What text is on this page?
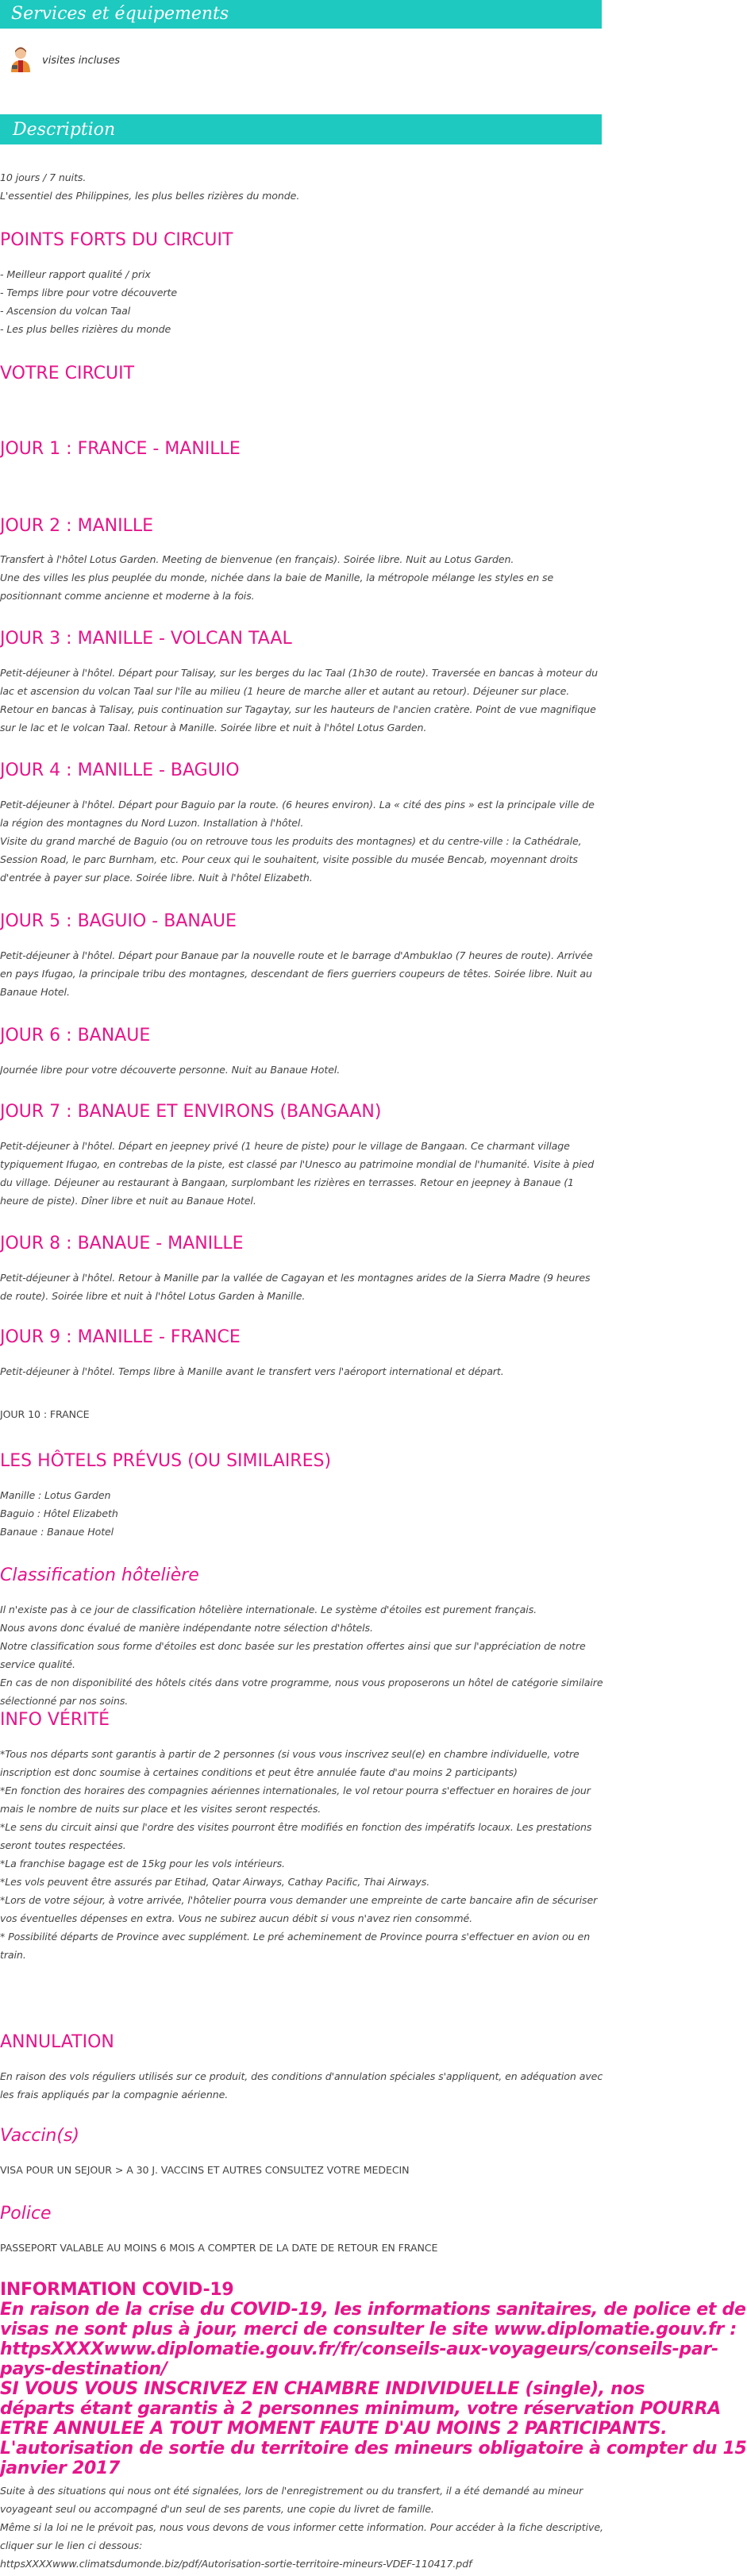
Services et équipements
visites incluses
Description
10 jours / 7 nuits.
L'essentiel des Philippines, les plus belles rizières du monde.
POINTS FORTS DU CIRCUIT
- Meilleur rapport qualité / prix
- Temps libre pour votre découverte
- Ascension du volcan Taal
- Les plus belles rizières du monde
VOTRE CIRCUIT
JOUR 1 : FRANCE - MANILLE
JOUR 2 : MANILLE
Transfert à l'hôtel Lotus Garden. Meeting de bienvenue (en français). Soirée libre. Nuit au Lotus Garden.
Une des villes les plus peuplée du monde, nichée dans la baie de Manille, la métropole mélange les styles en se
positionnant comme ancienne et moderne à la fois.
JOUR 3 : MANILLE - VOLCAN TAAL
Petit-déjeuner à l'hôtel. Départ pour Talisay, sur les berges du lac Taal (1h30 de route). Traversée en bancas à moteur du
lac et ascension du volcan Taal sur l'île au milieu (1 heure de marche aller et autant au retour). Déjeuner sur place.
Retour en bancas à Talisay, puis continuation sur Tagaytay, sur les hauteurs de l'ancien cratère. Point de vue magnifique
sur le lac et le volcan Taal. Retour à Manille. Soirée libre et nuit à l'hôtel Lotus Garden.
JOUR 4 : MANILLE - BAGUIO
Petit-déjeuner à l'hôtel. Départ pour Baguio par la route. (6 heures environ). La « cité des pins » est la principale ville de
la région des montagnes du Nord Luzon. Installation à l'hôtel.
Visite du grand marché de Baguio (ou on retrouve tous les produits des montagnes) et du centre-ville : la Cathédrale,
Session Road, le parc Burnham, etc. Pour ceux qui le souhaitent, visite possible du musée Bencab, moyennant droits
d'entrée à payer sur place. Soirée libre. Nuit à l'hôtel Elizabeth.
JOUR 5 : BAGUIO - BANAUE
Petit-déjeuner à l'hôtel. Départ pour Banaue par la nouvelle route et le barrage d'Ambuklao (7 heures de route). Arrivée
en pays Ifugao, la principale tribu des montagnes, descendant de fiers guerriers coupeurs de têtes. Soirée libre. Nuit au
Banaue Hotel.
JOUR 6 : BANAUE
Journée libre pour votre découverte personne. Nuit au Banaue Hotel.
JOUR 7 : BANAUE ET ENVIRONS (BANGAAN)
Petit-déjeuner à l'hôtel. Départ en jeepney privé (1 heure de piste) pour le village de Bangaan. Ce charmant village
typiquement Ifugao, en contrebas de la piste, est classé par l'Unesco au patrimoine mondial de l'humanité. Visite à pied
du village. Déjeuner au restaurant à Bangaan, surplombant les rizières en terrasses. Retour en jeepney à Banaue (1
heure de piste). Dîner libre et nuit au Banaue Hotel.
JOUR 8 : BANAUE - MANILLE
Petit-déjeuner à l'hôtel. Retour à Manille par la vallée de Cagayan et les montagnes arides de la Sierra Madre (9 heures
de route). Soirée libre et nuit à l'hôtel Lotus Garden à Manille.
JOUR 9 : MANILLE - FRANCE
Petit-déjeuner à l'hôtel. Temps libre à Manille avant le transfert vers l'aéroport international et départ.
JOUR 10 : FRANCE
LES HÔTELS PRÉVUS (OU SIMILAIRES)
Manille : Lotus Garden
Baguio : Hôtel Elizabeth
Banaue : Banaue Hotel
Classification hôtelière
Il n'existe pas à ce jour de classification hôtelière internationale. Le système d'étoiles est purement français.
Nous avons donc évalué de manière indépendante notre sélection d'hôtels.
Notre classification sous forme d'étoiles est donc basée sur les prestation offertes ainsi que sur l'appréciation de notre
service qualité.
En cas de non disponibilité des hôtels cités dans votre programme, nous vous proposerons un hôtel de catégorie similaire
sélectionné par nos soins.
INFO VÉRITÉ
*Tous nos départs sont garantis à partir de 2 personnes (si vous vous inscrivez seul(e) en chambre individuelle, votre
inscription est donc soumise à certaines conditions et peut être annulée faute d'au moins 2 participants)
*En fonction des horaires des compagnies aériennes internationales, le vol retour pourra s'effectuer en horaires de jour
mais le nombre de nuits sur place et les visites seront respectés.
*Le sens du circuit ainsi que l'ordre des visites pourront être modifiés en fonction des impératifs locaux. Les prestations
seront toutes respectées.
*La franchise bagage est de 15kg pour les vols intérieurs.
*Les vols peuvent être assurés par Etihad, Qatar Airways, Cathay Pacific, Thai Airways.
*Lors de votre séjour, à votre arrivée, l'hôtelier pourra vous demander une empreinte de carte bancaire afin de sécuriser
vos éventuelles dépenses en extra. Vous ne subirez aucun débit si vous n'avez rien consommé.
* Possibilité départs de Province avec supplément. Le pré acheminement de Province pourra s'effectuer en avion ou en
train.
ANNULATION
En raison des vols réguliers utilisés sur ce produit, des conditions d'annulation spéciales s'appliquent, en adéquation avec
les frais appliqués par la compagnie aérienne.
Vaccin(s)
VISA POUR UN SEJOUR > A 30 J. VACCINS ET AUTRES CONSULTEZ VOTRE MEDECIN
Police
PASSEPORT VALABLE AU MOINS 6 MOIS A COMPTER DE LA DATE DE RETOUR EN FRANCE
INFORMATION COVID-19
En raison de la crise du COVID-19, les informations sanitaires, de police et de
visas ne sont plus à jour, merci de consulter le site www.diplomatie.gouv.fr :
httpsXXXXwww.diplomatie.gouv.fr/fr/conseils-aux-voyageurs/conseils-par-
pays-destination/
SI VOUS VOUS INSCRIVEZ EN CHAMBRE INDIVIDUELLE (single), nos
départs étant garantis à 2 personnes minimum, votre réservation POURRA
ETRE ANNULEE A TOUT MOMENT FAUTE D'AU MOINS 2 PARTICIPANTS.
L'autorisation de sortie du territoire des mineurs obligatoire à compter du 15
janvier 2017
Suite à des situations qui nous ont été signalées, lors de l'enregistrement ou du transfert, il a été demandé au mineur
voyageant seul ou accompagné d'un seul de ses parents, une copie du livret de famille.
Même si la loi ne le prévoit pas, nous vous devons de vous informer cette information. Pour accéder à la fiche descriptive,
cliquer sur le lien ci dessous:
httpsXXXXwww.climatsdumonde.biz/pdf/Autorisation-sortie-territoire-mineurs-VDEF-110417.pdf
